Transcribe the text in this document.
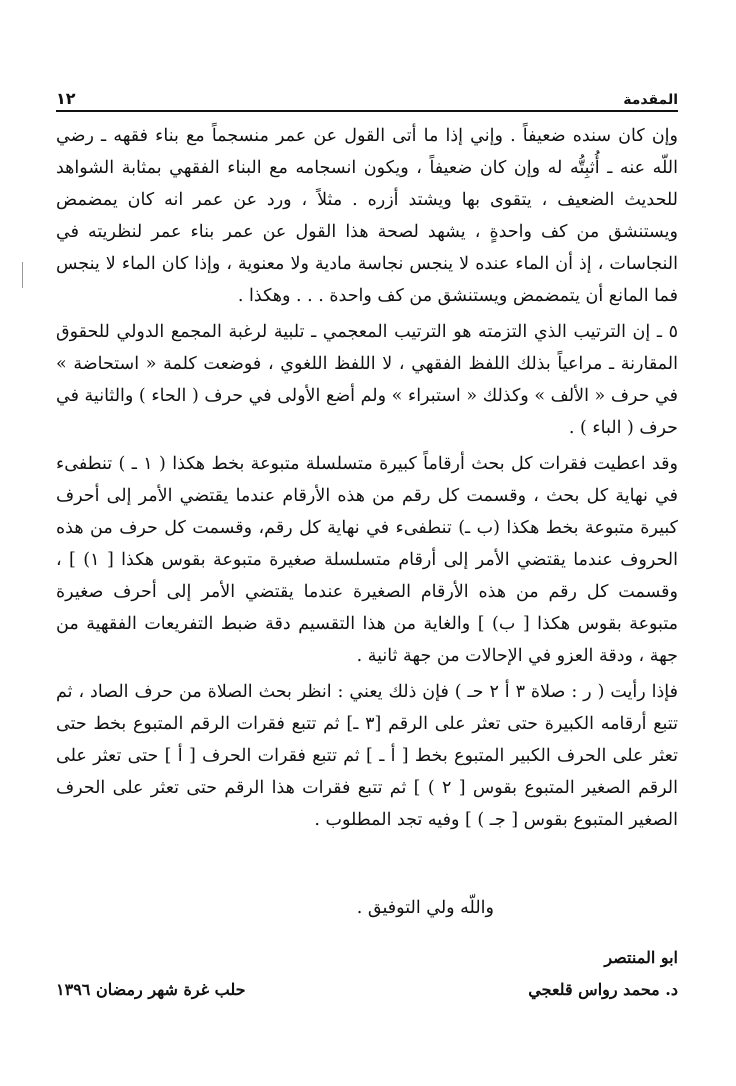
١٢	المقدمة

وإن كان سنده ضعيفاً . وإني إذا ما أتى القول عن عمر منسجماً مع بناء فقهه ـ رضي اللّه عنه ـ أُثبِتُّه له وإن كان ضعيفاً ، ويكون انسجامه مع البناء الفقهي بمثابة الشواهد للحديث الضعيف ، يتقوى بها ويشتد أزره . مثلاً ، ورد عن عمر انه كان يمضمض ويستنشق من كف واحدةٍ ، يشهد لصحة هذا القول عن عمر بناء عمر لنظريته في النجاسات ، إذ أن الماء عنده لا ينجس نجاسة مادية ولا معنوية ، وإذا كان الماء لا ينجس فما المانع أن يتمضمض ويستنشق من كف واحدة . . . وهكذا .

٥ ـ إن الترتيب الذي التزمته هو الترتيب المعجمي ـ تلبية لرغبة المجمع الدولي للحقوق المقارنة ـ مراعياً بذلك اللفظ الفقهي ، لا اللفظ اللغوي ، فوضعت كلمة « استحاضة » في حرف « الألف » وكذلك « استبراء » ولم أضع الأولى في حرف ( الحاء ) والثانية في حرف ( الباء ) .

وقد اعطيت فقرات كل بحث أرقاماً كبيرة متسلسلة متبوعة بخط هكذا ( ١ ـ ) تنطفىء في نهاية كل بحث ، وقسمت كل رقم من هذه الأرقام عندما يقتضي الأمر إلى أحرف كبيرة متبوعة بخط هكذا (ب ـ) تنطفىء في نهاية كل رقم، وقسمت كل حرف من هذه الحروف عندما يقتضي الأمر إلى أرقام متسلسلة صغيرة متبوعة بقوس هكذا [ ١) ] ، وقسمت كل رقم من هذه الأرقام الصغيرة عندما يقتضي الأمر إلى أحرف صغيرة متبوعة بقوس هكذا [ ب) ] والغاية من هذا التقسيم دقة ضبط التفريعات الفقهية من جهة ، ودقة العزو في الإحالات من جهة ثانية .

فإذا رأيت ( ر : صلاة ٣ أ ٢ حـ ) فإن ذلك يعني : انظر بحث الصلاة من حرف الصاد ، ثم تتبع أرقامه الكبيرة حتى تعثر على الرقم [٣ ـ] ثم تتبع فقرات الرقم المتبوع بخط حتى تعثر على الحرف الكبير المتبوع بخط [ أ ـ ] ثم تتبع فقرات الحرف [ أ ] حتى تعثر على الرقم الصغير المتبوع بقوس [ ٢ ) ] ثم تتبع فقرات هذا الرقم حتى تعثر على الحرف الصغير المتبوع بقوس [ جـ ) ] وفيه تجد المطلوب .

واللّه ولي التوفيق .
ابو المنتصر
د. محمد رواس قلعجي
حلب غرة شهر رمضان ١٣٩٦
